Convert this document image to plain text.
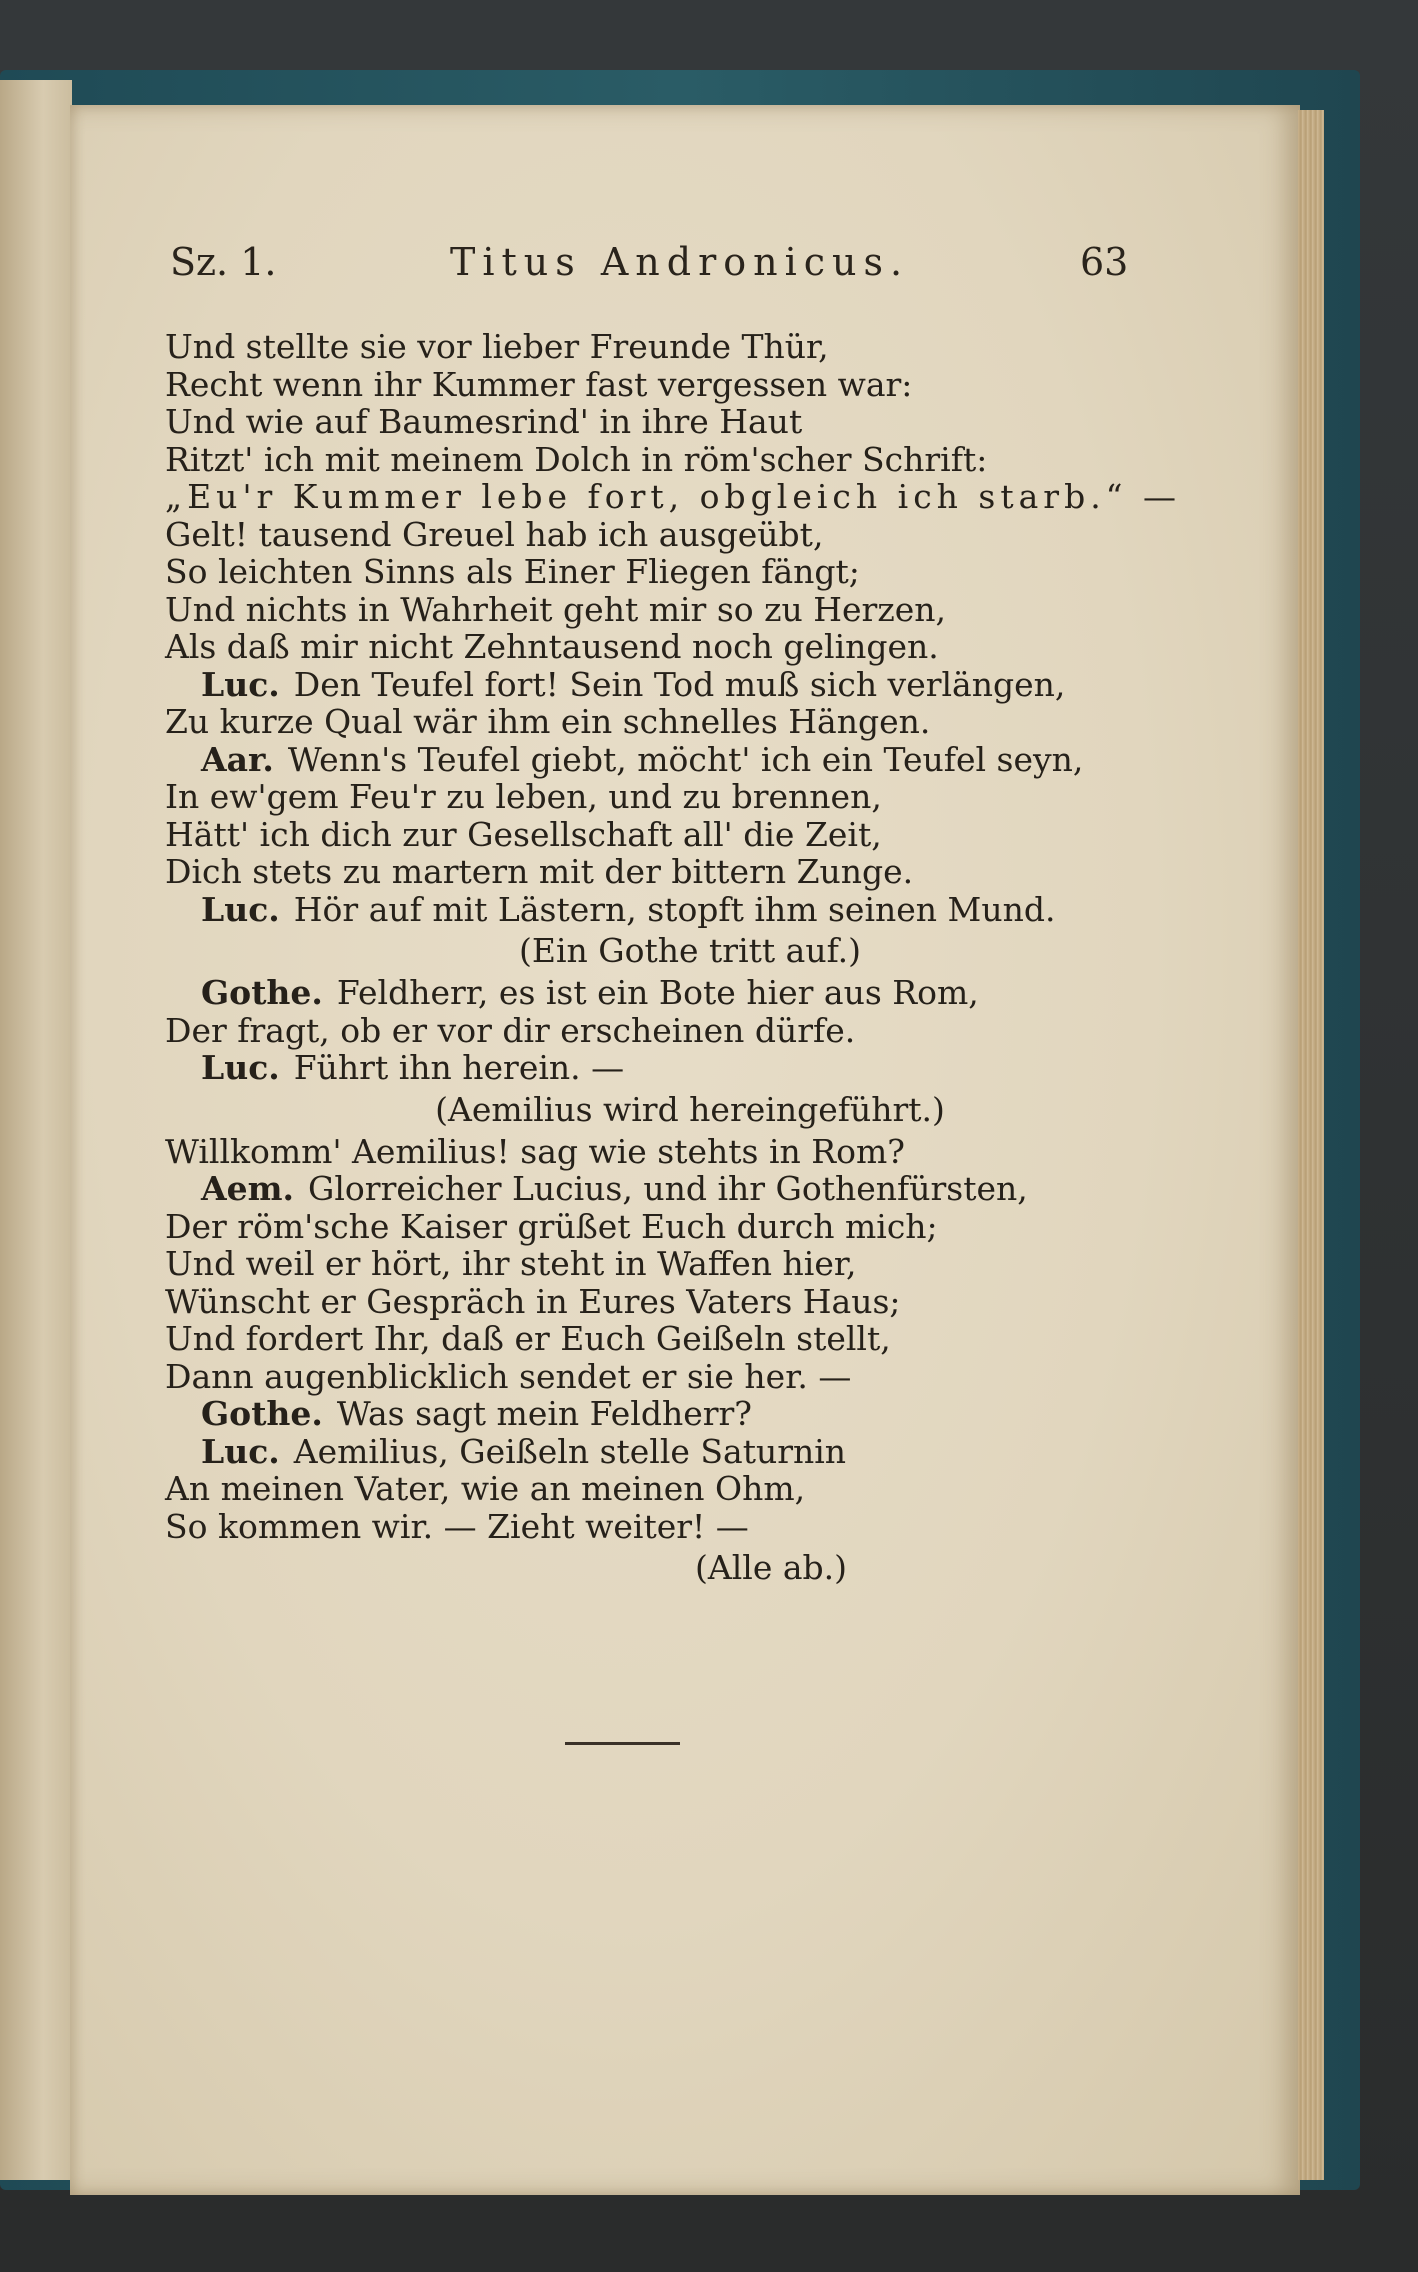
Sz. 1.	Titus Andronicus.	63
Und stellte sie vor lieber Freunde Thür,
Recht wenn ihr Kummer fast vergessen war:
Und wie auf Baumesrind' in ihre Haut
Ritzt' ich mit meinem Dolch in röm'scher Schrift:
„Eu'r Kummer lebe fort, obgleich ich starb.“ —
Gelt! tausend Greuel hab ich ausgeübt,
So leichten Sinns als Einer Fliegen fängt;
Und nichts in Wahrheit geht mir so zu Herzen,
Als daß mir nicht Zehntausend noch gelingen.
Luc. Den Teufel fort! Sein Tod muß sich verlängen,
Zu kurze Qual wär ihm ein schnelles Hängen.
Aar. Wenn's Teufel giebt, möcht' ich ein Teufel seyn,
In ew'gem Feu'r zu leben, und zu brennen,
Hätt' ich dich zur Gesellschaft all' die Zeit,
Dich stets zu martern mit der bittern Zunge.
Luc. Hör auf mit Lästern, stopft ihm seinen Mund.
(Ein Gothe tritt auf.)
Gothe. Feldherr, es ist ein Bote hier aus Rom,
Der fragt, ob er vor dir erscheinen dürfe.
Luc. Führt ihn herein. —
(Aemilius wird hereingeführt.)
Willkomm' Aemilius! sag wie stehts in Rom?
Aem. Glorreicher Lucius, und ihr Gothenfürsten,
Der röm'sche Kaiser grüßet Euch durch mich;
Und weil er hört, ihr steht in Waffen hier,
Wünscht er Gespräch in Eures Vaters Haus;
Und fordert Ihr, daß er Euch Geißeln stellt,
Dann augenblicklich sendet er sie her. —
Gothe. Was sagt mein Feldherr?
Luc. Aemilius, Geißeln stelle Saturnin
An meinen Vater, wie an meinen Ohm,
So kommen wir. — Zieht weiter! —
(Alle ab.)
